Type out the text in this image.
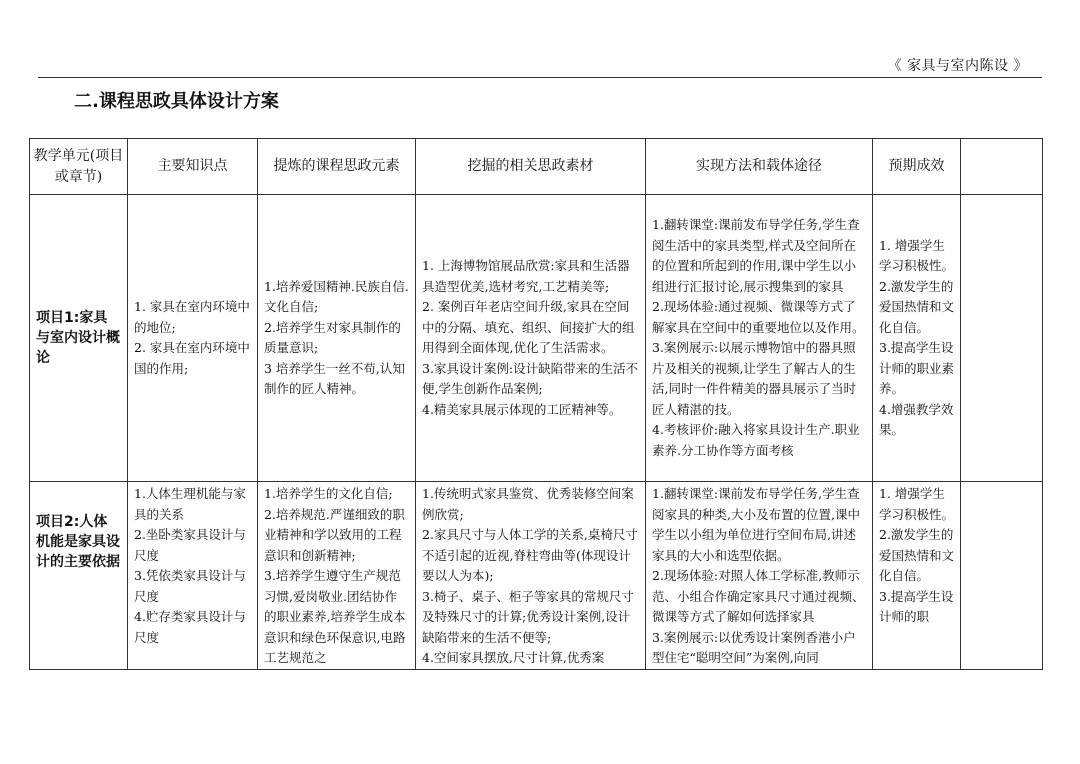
《 家具与室内陈设 》
二.课程思政具体设计方案
教学单元(项目或章节)	主要知识点	提炼的课程思政元素	挖掘的相关思政素材	实现方法和载体途径	预期成效	

项目1:家具与室内设计概论	1. 家具在室内环境中的地位;
2. 家具在室内环境中国的作用;	1.培养爱国精神.民族自信.文化自信;
2.培养学生对家具制作的质量意识;
3 培养学生一丝不苟,认知制作的匠人精神。	1. 上海博物馆展品欣赏:家具和生活器具造型优美,选材考究,工艺精美等;
2. 案例百年老店空间升级,家具在空间中的分隔、填充、组织、间接扩大的组用得到全面体现,优化了生活需求。
3.家具设计案例:设计缺陷带来的生活不便,学生创新作品案例;
4.精美家具展示体现的工匠精神等。	1.翻转课堂:课前发布导学任务,学生查阅生活中的家具类型,样式及空间所在的位置和所起到的作用,课中学生以小组进行汇报讨论,展示搜集到的家具
2.现场体验:通过视频、微课等方式了解家具在空间中的重要地位以及作用。
3.案例展示:以展示博物馆中的器具照片及相关的视频,让学生了解古人的生活,同时一件件精美的器具展示了当时匠人精湛的技。
4.考核评价:融入将家具设计生产.职业素养.分工协作等方面考核	1. 增强学生学习积极性。
2.激发学生的爱国热情和文化自信。
3.提高学生设计师的职业素养。
4.增强教学效果。	

项目2:人体机能是家具设计的主要依据	1.人体生理机能与家具的关系
2.坐卧类家具设计与尺度
3.凭依类家具设计与尺度
4.贮存类家具设计与尺度	1.培养学生的文化自信;
2.培养规范.严谨细致的职业精神和学以致用的工程意识和创新精神;
3.培养学生遵守生产规范习惯,爱岗敬业.团结协作的职业素养,培养学生成本意识和绿色环保意识,电路工艺规范之	1.传统明式家具鉴赏、优秀装修空间案例欣赏;
2.家具尺寸与人体工学的关系,桌椅尺寸不适引起的近视,脊柱弯曲等(体现设计要以人为本);
3.椅子、桌子、柜子等家具的常规尺寸及特殊尺寸的计算;优秀设计案例,设计缺陷带来的生活不便等;
4.空间家具摆放,尺寸计算,优秀案	1.翻转课堂:课前发布导学任务,学生查阅家具的种类,大小及布置的位置,课中学生以小组为单位进行空间布局,讲述家具的大小和选型依据。
2.现场体验:对照人体工学标准,教师示范、小组合作确定家具尺寸通过视频、微课等方式了解如何选择家具
3.案例展示:以优秀设计案例香港小户型住宅“聪明空间”为案例,向同	1. 增强学生学习积极性。
2.激发学生的爱国热情和文化自信。
3.提高学生设计师的职	
